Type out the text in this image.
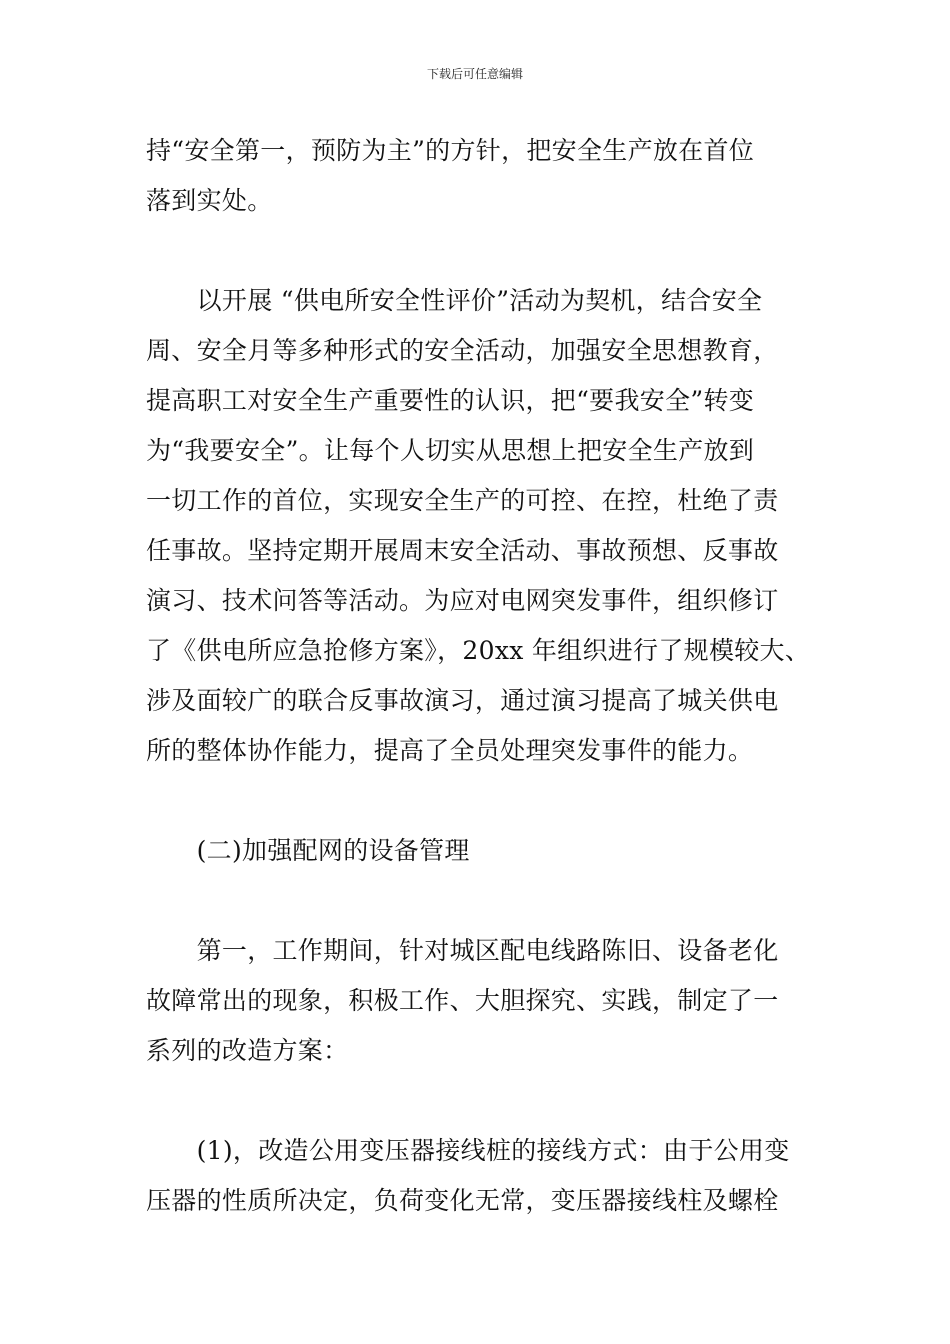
下载后可任意编辑
持“安全第一，预防为主”的方针，把安全生产放在首位
落到实处。
　　以开展 “供电所安全性评价”活动为契机，结合安全
周、安全月等多种形式的安全活动，加强安全思想教育，
提高职工对安全生产重要性的认识，把“要我安全”转变
为“我要安全”。让每个人切实从思想上把安全生产放到
一切工作的首位，实现安全生产的可控、在控，杜绝了责
任事故。坚持定期开展周末安全活动、事故预想、反事故
演习、技术问答等活动。为应对电网突发事件，组织修订
了《供电所应急抢修方案》，20xx 年组织进行了规模较大、
涉及面较广的联合反事故演习，通过演习提高了城关供电
所的整体协作能力，提高了全员处理突发事件的能力。
　　(二)加强配网的设备管理
　　第一，工作期间，针对城区配电线路陈旧、设备老化
故障常出的现象，积极工作、大胆探究、实践，制定了一
系列的改造方案：
　　(1)，改造公用变压器接线桩的接线方式：由于公用变
压器的性质所决定，负荷变化无常，变压器接线柱及螺栓
